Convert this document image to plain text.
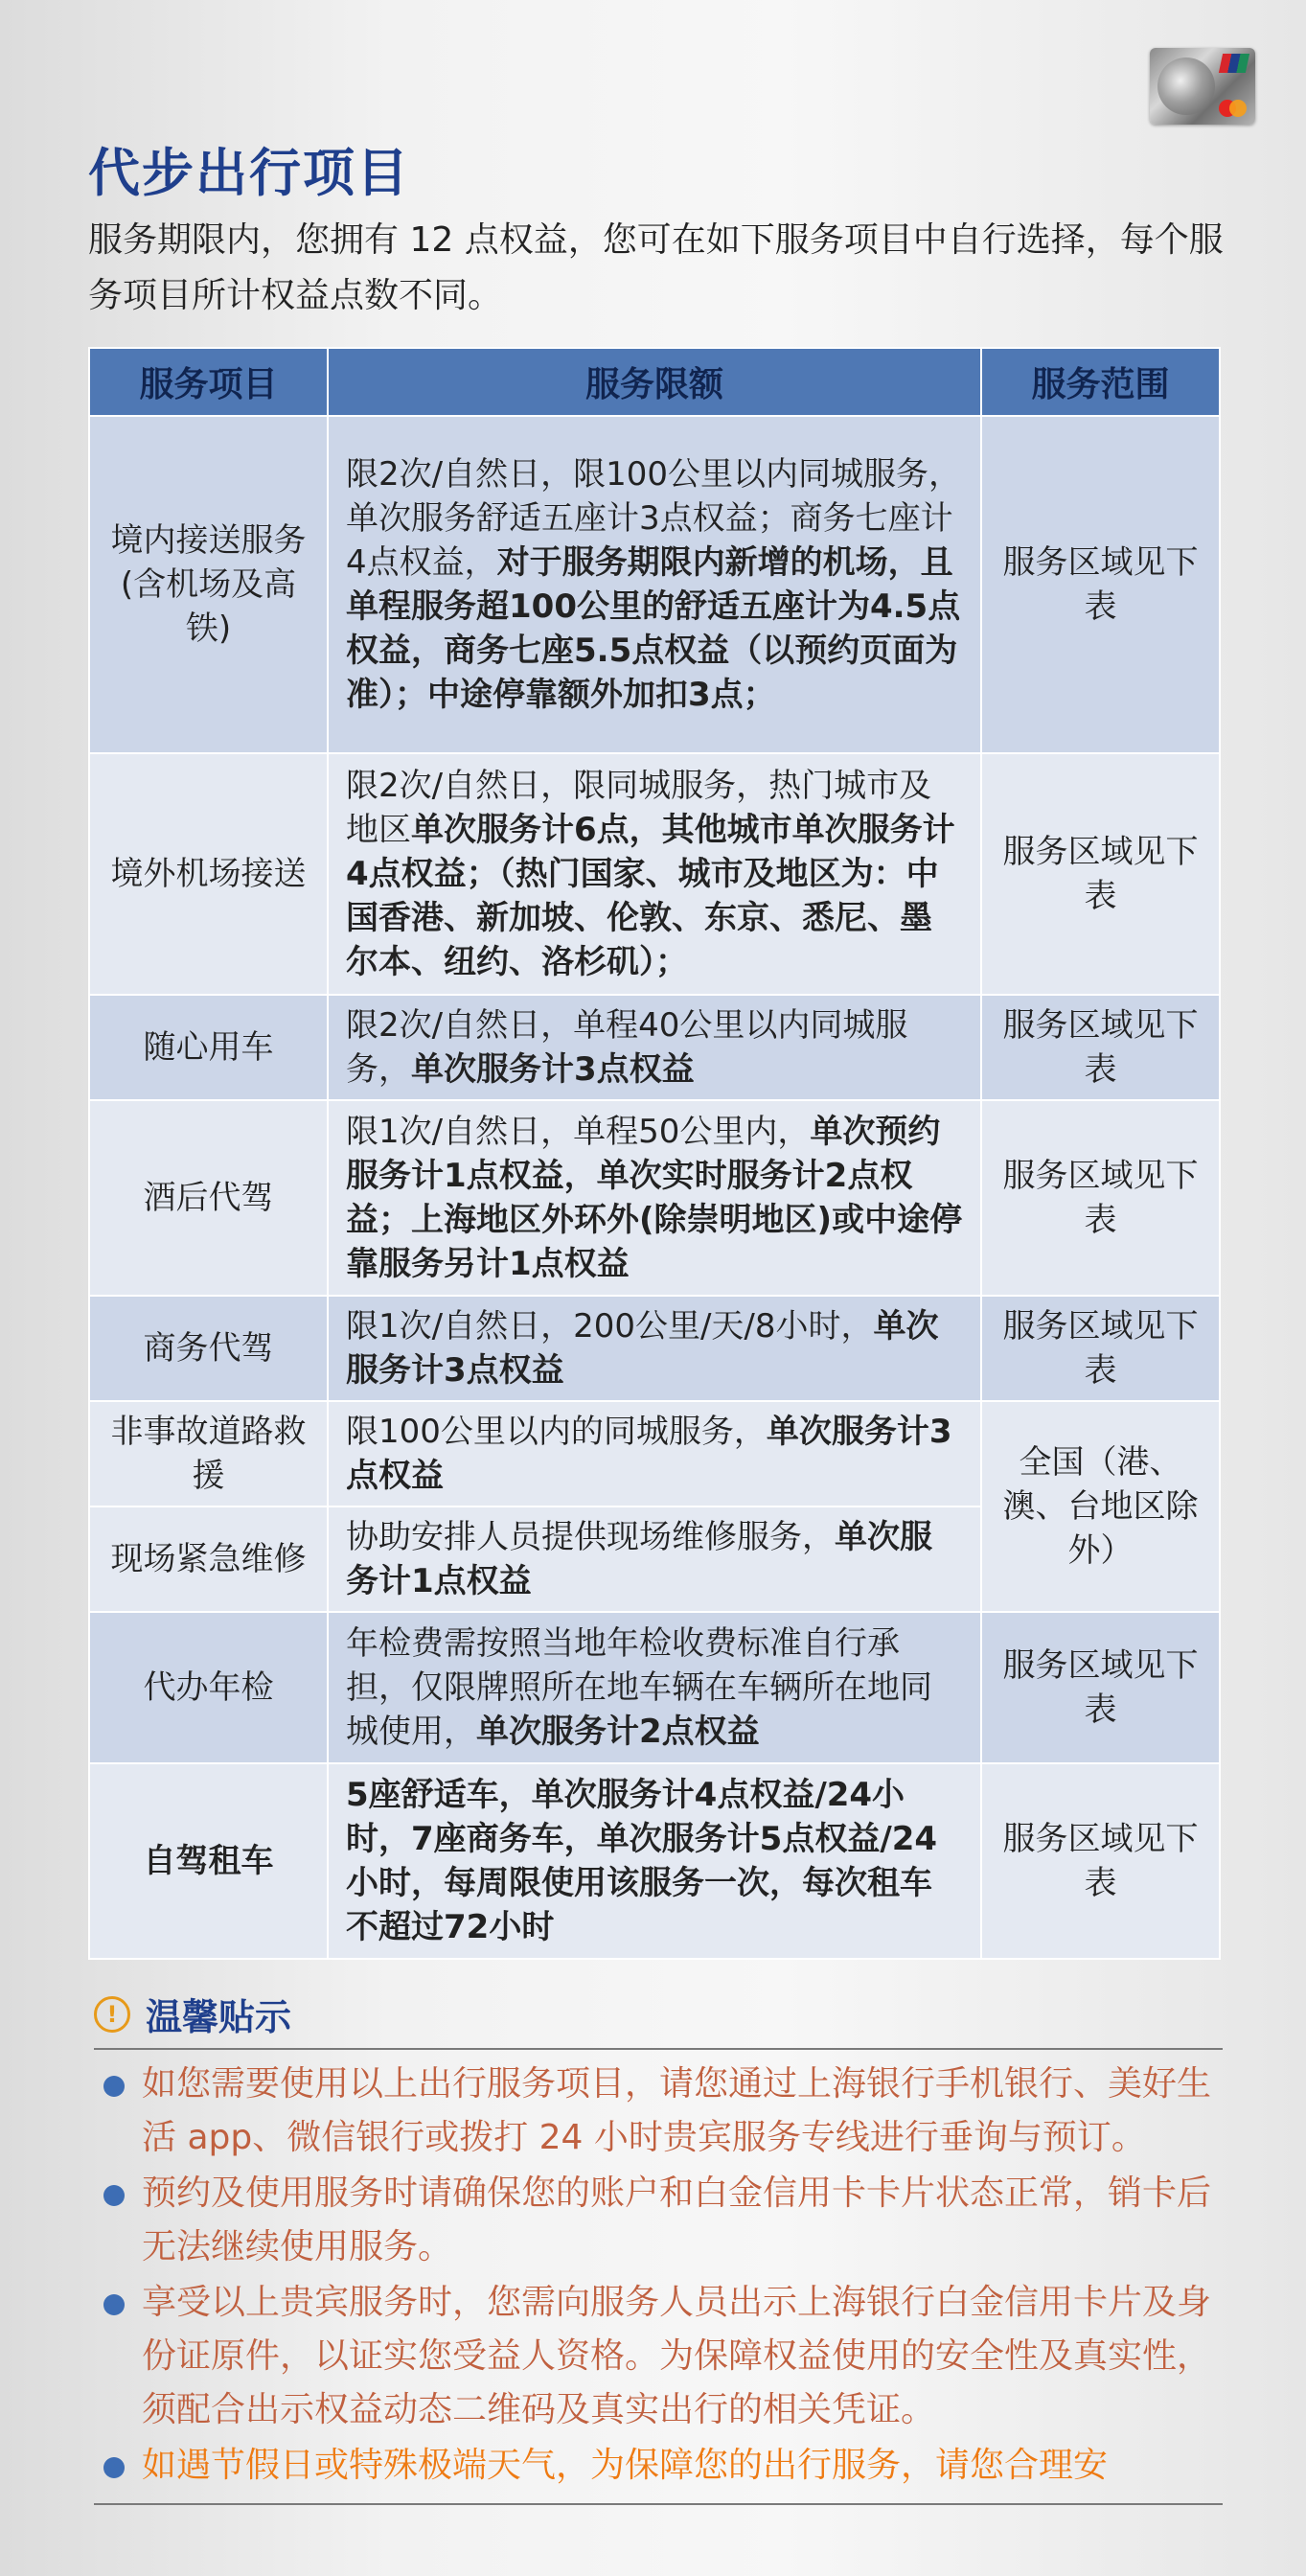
代步出行项目
服务期限内，您拥有 12 点权益，您可在如下服务项目中自行选择，每个服务项目所计权益点数不同。
服务项目	服务限额	服务范围
境内接送服务(含机场及高铁)	限2次/自然日，限100公里以内同城服务，单次服务舒适五座计3点权益；商务七座计4点权益，对于服务期限内新增的机场，且单程服务超100公里的舒适五座计为4.5点权益，商务七座5.5点权益（以预约页面为准）；中途停靠额外加扣3点；	服务区域见下表
境外机场接送	限2次/自然日，限同城服务，热门城市及地区单次服务计6点，其他城市单次服务计4点权益；（热门国家、城市及地区为：中国香港、新加坡、伦敦、东京、悉尼、墨尔本、纽约、洛杉矶）；	服务区域见下表
随心用车	限2次/自然日，单程40公里以内同城服务，单次服务计3点权益	服务区域见下表
酒后代驾	限1次/自然日，单程50公里内，单次预约服务计1点权益，单次实时服务计2点权益；上海地区外环外(除崇明地区)或中途停靠服务另计1点权益	服务区域见下表
商务代驾	限1次/自然日，200公里/天/8小时，单次服务计3点权益	服务区域见下表
非事故道路救援	限100公里以内的同城服务，单次服务计3点权益	全国（港、澳、台地区除外）
现场紧急维修	协助安排人员提供现场维修服务，单次服务计1点权益	
代办年检	年检费需按照当地年检收费标准自行承担，仅限牌照所在地车辆在车辆所在地同城使用，单次服务计2点权益	服务区域见下表
自驾租车	5座舒适车，单次服务计4点权益/24小时，7座商务车，单次服务计5点权益/24小时，每周限使用该服务一次，每次租车不超过72小时	服务区域见下表
! 温馨贴示
如您需要使用以上出行服务项目，请您通过上海银行手机银行、美好生活 app、微信银行或拨打 24 小时贵宾服务专线进行垂询与预订。
预约及使用服务时请确保您的账户和白金信用卡卡片状态正常，销卡后无法继续使用服务。
享受以上贵宾服务时，您需向服务人员出示上海银行白金信用卡片及身份证原件，以证实您受益人资格。为保障权益使用的安全性及真实性，须配合出示权益动态二维码及真实出行的相关凭证。
如遇节假日或特殊极端天气，为保障您的出行服务，请您合理安
